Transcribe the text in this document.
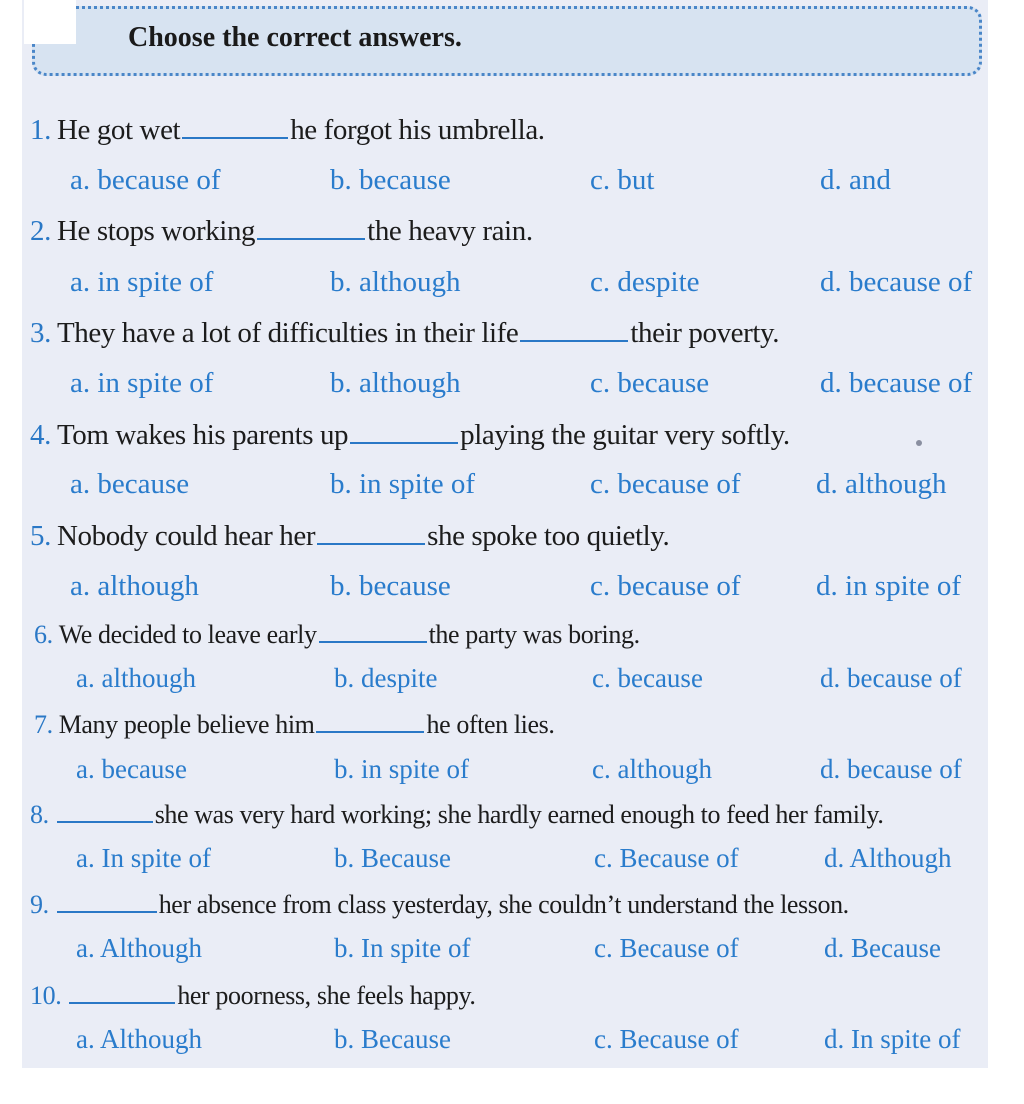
Choose the correct answers.
1. He got wet	he forgot his umbrella.
a. because of	b. because	c. but	d. and
2. He stops working	the heavy rain.
a. in spite of	b. although	c. despite	d. because of
3. They have a lot of difficulties in their life	their poverty.
a. in spite of	b. although	c. because	d. because of
4. Tom wakes his parents up	playing the guitar very softly.
a. because	b. in spite of	c. because of	d. although
5. Nobody could hear her	she spoke too quietly.
a. although	b. because	c. because of	d. in spite of
6. We decided to leave early	the party was boring.
a. although	b. despite	c. because	d. because of
7. Many people believe him	he often lies.
a. because	b. in spite of	c. although	d. because of
8.	she was very hard working; she hardly earned enough to feed her family.
a. In spite of	b. Because	c. Because of	d. Although
9.	her absence from class yesterday, she couldn’t understand the lesson.
a. Although	b. In spite of	c. Because of	d. Because
10.	her poorness, she feels happy.
a. Although	b. Because	c. Because of	d. In spite of
